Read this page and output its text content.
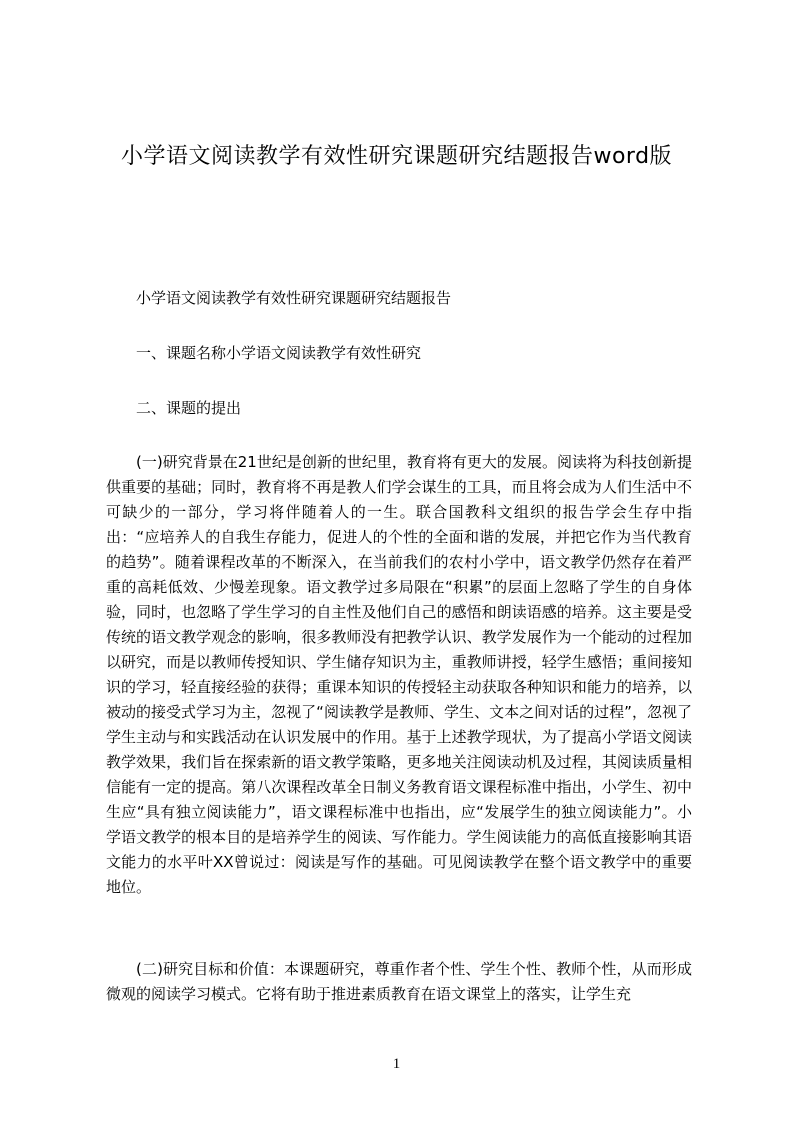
小学语文阅读教学有效性研究课题研究结题报告word版

小学语文阅读教学有效性研究课题研究结题报告

一、课题名称小学语文阅读教学有效性研究

二、课题的提出

(一)研究背景在21世纪是创新的世纪里，教育将有更大的发展。阅读将为科技创新提供重要的基础；同时，教育将不再是教人们学会谋生的工具，而且将会成为人们生活中不可缺少的一部分，学习将伴随着人的一生。联合国教科文组织的报告学会生存中指出：“应培养人的自我生存能力，促进人的个性的全面和谐的发展，并把它作为当代教育的趋势”。随着课程改革的不断深入，在当前我们的农村小学中，语文教学仍然存在着严重的高耗低效、少慢差现象。语文教学过多局限在“积累”的层面上忽略了学生的自身体验，同时，也忽略了学生学习的自主性及他们自己的感悟和朗读语感的培养。这主要是受传统的语文教学观念的影响，很多教师没有把教学认识、教学发展作为一个能动的过程加以研究，而是以教师传授知识、学生储存知识为主，重教师讲授，轻学生感悟；重间接知识的学习，轻直接经验的获得；重课本知识的传授轻主动获取各种知识和能力的培养，以被动的接受式学习为主，忽视了“阅读教学是教师、学生、文本之间对话的过程”，忽视了学生主动与和实践活动在认识发展中的作用。基于上述教学现状，为了提高小学语文阅读教学效果，我们旨在探索新的语文教学策略，更多地关注阅读动机及过程，其阅读质量相信能有一定的提高。第八次课程改革全日制义务教育语文课程标准中指出，小学生、初中生应“具有独立阅读能力”，语文课程标准中也指出，应“发展学生的独立阅读能力”。小学语文教学的根本目的是培养学生的阅读、写作能力。学生阅读能力的高低直接影响其语文能力的水平叶XX曾说过：阅读是写作的基础。可见阅读教学在整个语文教学中的重要地位。

(二)研究目标和价值：本课题研究，尊重作者个性、学生个性、教师个性，从而形成微观的阅读学习模式。它将有助于推进素质教育在语文课堂上的落实，让学生充

1
